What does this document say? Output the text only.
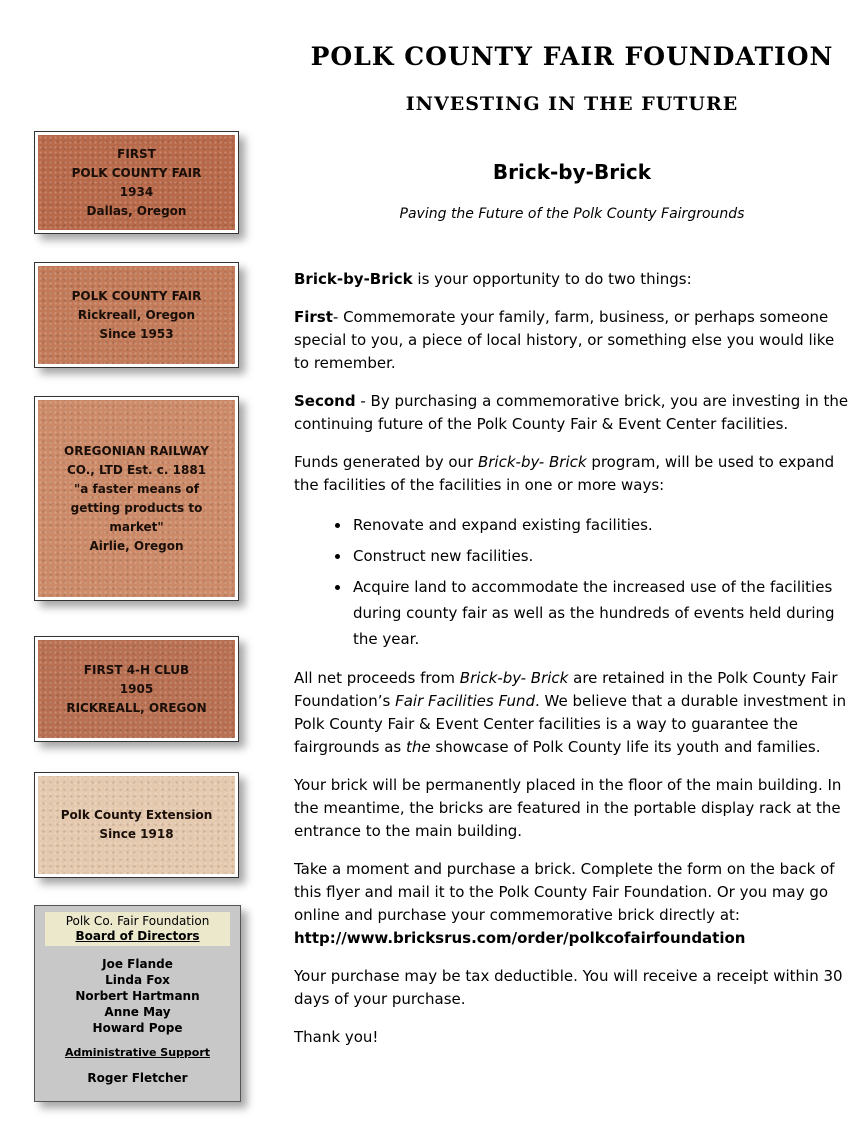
POLK COUNTY FAIR FOUNDATION
INVESTING IN THE FUTURE
Brick-by-Brick
Paving the Future of the Polk County Fairgrounds
FIRST
POLK COUNTY FAIR
1934
Dallas, Oregon
POLK COUNTY FAIR
Rickreall, Oregon
Since 1953
OREGONIAN RAILWAY
CO., LTD Est. c. 1881
"a faster means of
getting products to
market"
Airlie, Oregon
FIRST 4-H CLUB
1905
RICKREALL, OREGON
Polk County Extension
Since 1918
Polk Co. Fair Foundation
Board of Directors
Joe Flande
Linda Fox
Norbert Hartmann
Anne May
Howard Pope
Administrative Support
Roger Fletcher

Brick-by-Brick is your opportunity to do two things:

First- Commemorate your family, farm, business, or perhaps someone special to you, a piece of local history, or something else you would like to remember.

Second - By purchasing a commemorative brick, you are investing in the continuing future of the Polk County Fair & Event Center facilities.

Funds generated by our Brick-by- Brick program, will be used to expand the facilities of the facilities in one or more ways:

• Renovate and expand existing facilities.
• Construct new facilities.
• Acquire land to accommodate the increased use of the facilities during county fair as well as the hundreds of events held during the year.

All net proceeds from Brick-by- Brick are retained in the Polk County Fair Foundation’s Fair Facilities Fund. We believe that a durable investment in Polk County Fair & Event Center facilities is a way to guarantee the fairgrounds as the showcase of Polk County life its youth and families.

Your brick will be permanently placed in the floor of the main building. In the meantime, the bricks are featured in the portable display rack at the entrance to the main building.

Take a moment and purchase a brick. Complete the form on the back of this flyer and mail it to the Polk County Fair Foundation. Or you may go online and purchase your commemorative brick directly at:
http://www.bricksrus.com/order/polkcofairfoundation

Your purchase may be tax deductible. You will receive a receipt within 30 days of your purchase.

Thank you!
